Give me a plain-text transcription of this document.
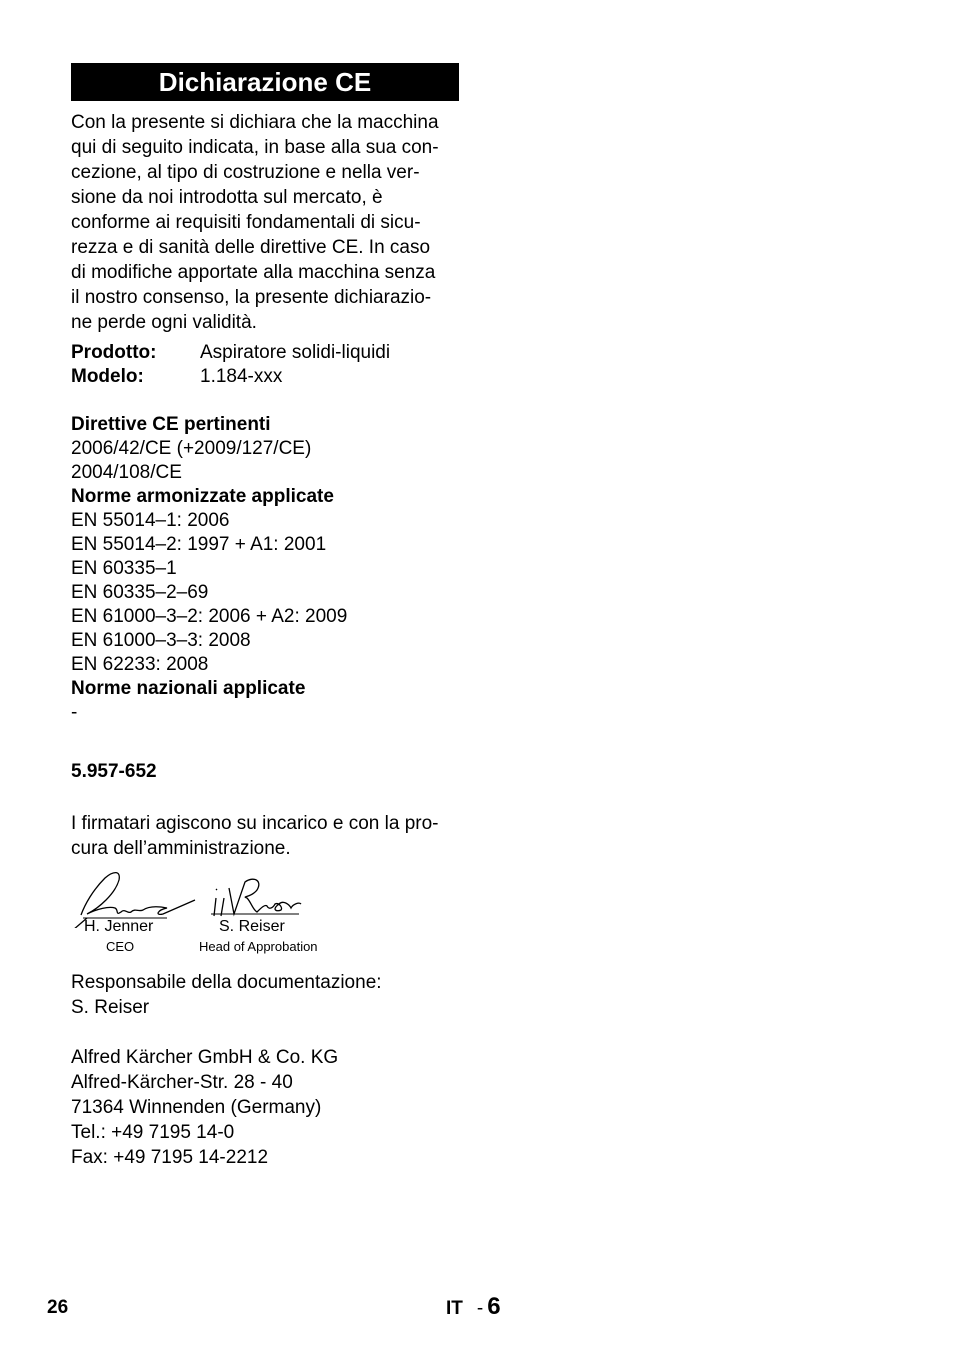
Dichiarazione CE

Con la presente si dichiara che la macchina

qui di seguito indicata, in base alla sua con-

cezione, al tipo di costruzione e nella ver-

sione da noi introdotta sul mercato, è

conforme ai requisiti fondamentali di sicu-

rezza e di sanità delle direttive CE. In caso

di modifiche apportate alla macchina senza

il nostro consenso, la presente dichiarazio-

ne perde ogni validità.

Prodotto:	Aspiratore solidi-liquidi
Modelo:	1.184-xxx
Direttive CE pertinenti
2006/42/CE (+2009/127/CE)
2004/108/CE
Norme armonizzate applicate
EN 55014–1: 2006
EN 55014–2: 1997 + A1: 2001
EN 60335–1
EN 60335–2–69
EN 61000–3–2: 2006 + A2: 2009
EN 61000–3–3: 2008
EN 62233: 2008
Norme nazionali applicate
-
5.957-652
I firmatari agiscono su incarico e con la pro-
cura dell’amministrazione.
H. Jenner
CEO
S. Reiser
Head of Approbation
Responsabile della documentazione:
S. Reiser
Alfred Kärcher GmbH & Co. KG
Alfred-Kärcher-Str. 28 - 40
71364 Winnenden (Germany)
Tel.: +49 7195 14-0
Fax: +49 7195 14-2212
26	IT - 6
